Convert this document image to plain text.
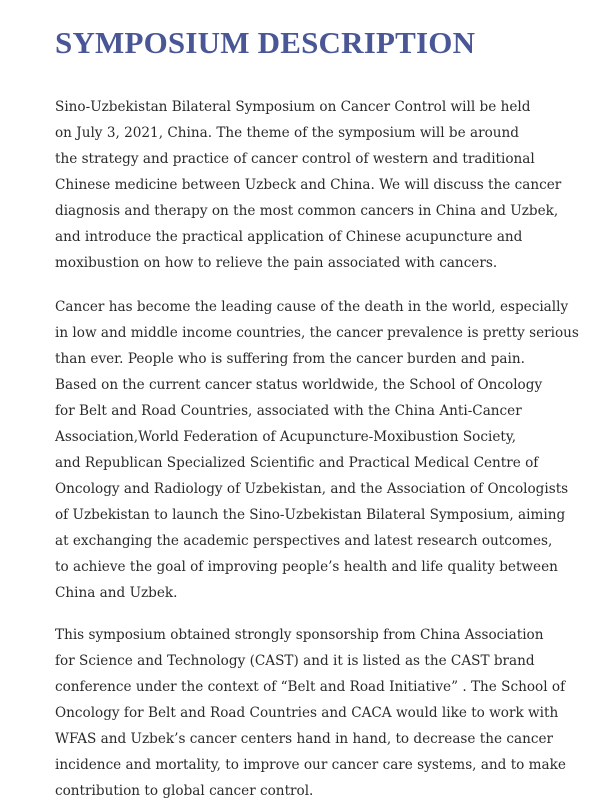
SYMPOSIUM DESCRIPTION
Sino-Uzbekistan Bilateral Symposium on Cancer Control will be held
on July 3, 2021, China. The theme of the symposium will be around
the strategy and practice of cancer control of western and traditional
Chinese medicine between Uzbeck and China. We will discuss the cancer
diagnosis and therapy on the most common cancers in China and Uzbek,
and introduce the practical application of Chinese acupuncture and
moxibustion on how to relieve the pain associated with cancers.
Cancer has become the leading cause of the death in the world, especially
in low and middle income countries, the cancer prevalence is pretty serious
than ever. People who is suffering from the cancer burden and pain.
Based on the current cancer status worldwide, the School of Oncology
for Belt and Road Countries, associated with the China Anti-Cancer
Association,World Federation of Acupuncture-Moxibustion Society,
and Republican Specialized Scientific and Practical Medical Centre of
Oncology and Radiology of Uzbekistan, and the Association of Oncologists
of Uzbekistan to launch the Sino-Uzbekistan Bilateral Symposium, aiming
at exchanging the academic perspectives and latest research outcomes,
to achieve the goal of improving people’s health and life quality between
China and Uzbek.
This symposium obtained strongly sponsorship from China Association
for Science and Technology (CAST) and it is listed as the CAST brand
conference under the context of “Belt and Road Initiative” . The School of
Oncology for Belt and Road Countries and CACA would like to work with
WFAS and Uzbek’s cancer centers hand in hand, to decrease the cancer
incidence and mortality, to improve our cancer care systems, and to make
contribution to global cancer control.
